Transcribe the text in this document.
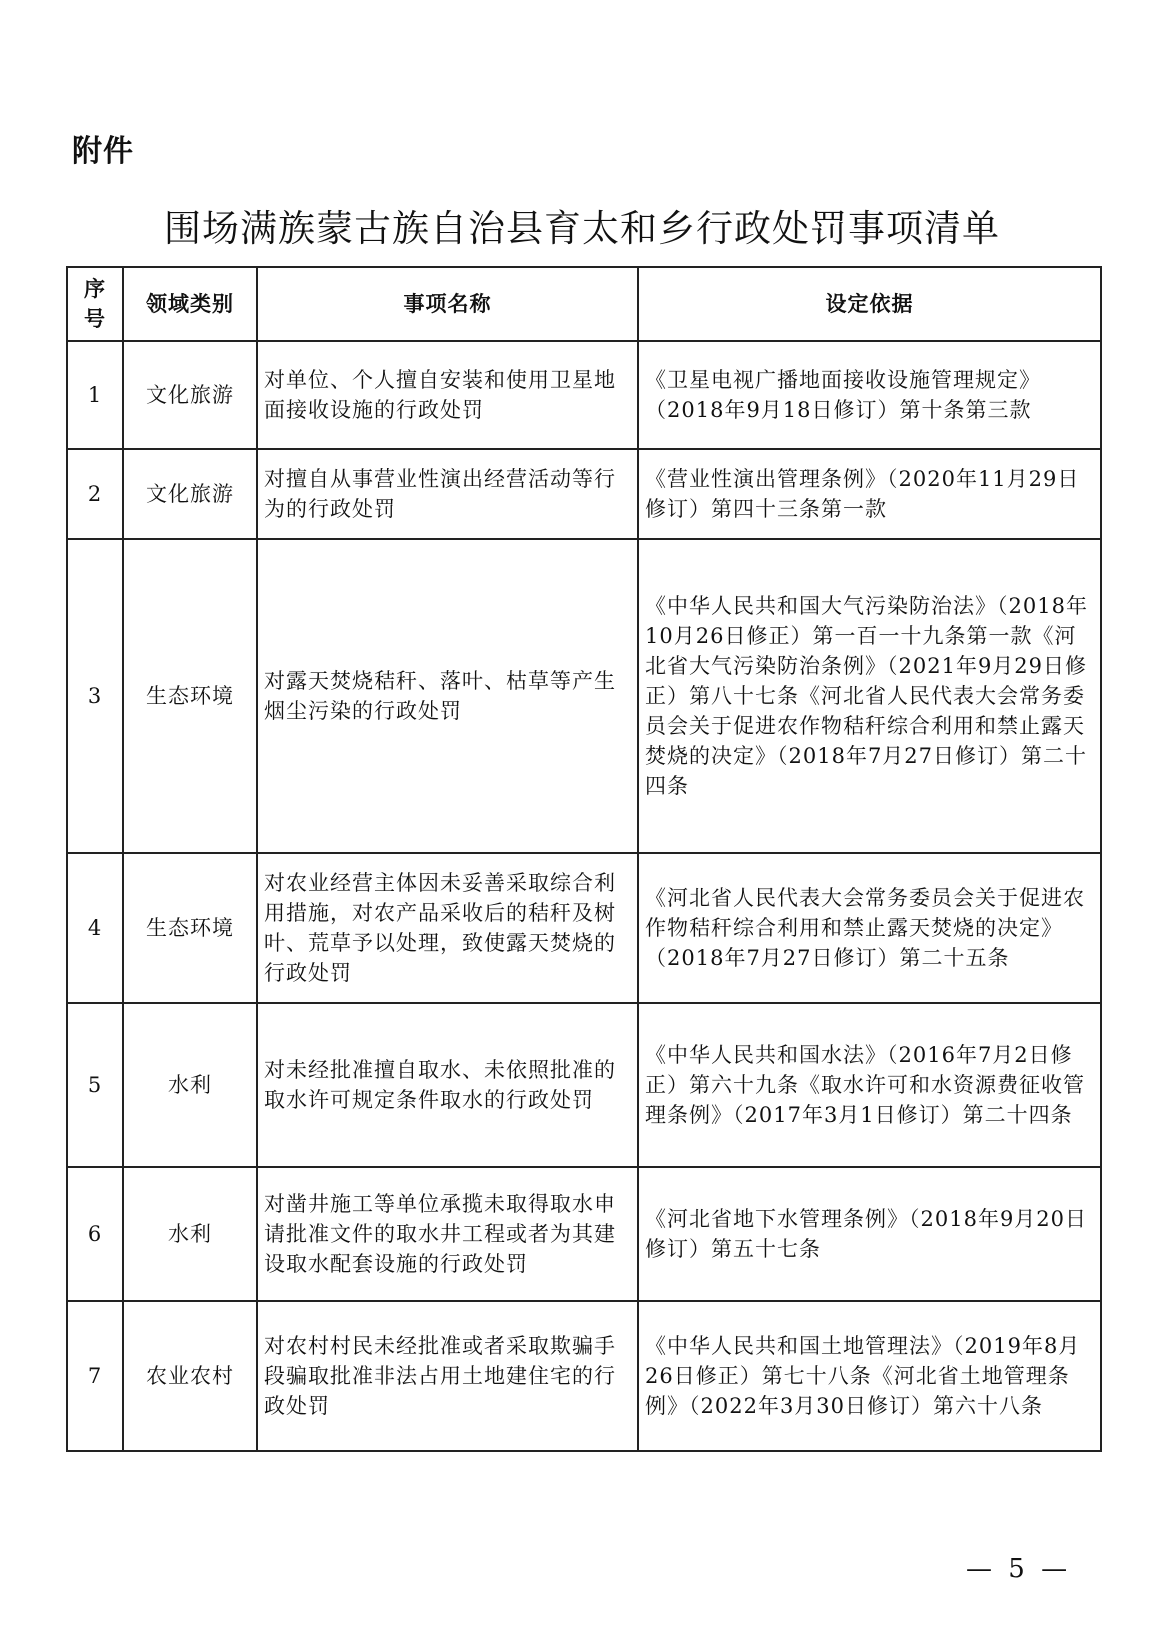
附件
围场满族蒙古族自治县育太和乡行政处罚事项清单
序号	领域类别	事项名称	设定依据
1	文化旅游	对单位、个人擅自安装和使用卫星地面接收设施的行政处罚	《卫星电视广播地面接收设施管理规定》（2018年9月18日修订）第十条第三款
2	文化旅游	对擅自从事营业性演出经营活动等行为的行政处罚	《营业性演出管理条例》（2020年11月29日修订）第四十三条第一款
3	生态环境	对露天焚烧秸秆、落叶、枯草等产生烟尘污染的行政处罚	《中华人民共和国大气污染防治法》（2018年10月26日修正）第一百一十九条第一款《河北省大气污染防治条例》（2021年9月29日修正）第八十七条《河北省人民代表大会常务委员会关于促进农作物秸秆综合利用和禁止露天焚烧的决定》（2018年7月27日修订）第二十四条
4	生态环境	对农业经营主体因未妥善采取综合利用措施，对农产品采收后的秸秆及树叶、荒草予以处理，致使露天焚烧的行政处罚	《河北省人民代表大会常务委员会关于促进农作物秸秆综合利用和禁止露天焚烧的决定》（2018年7月27日修订）第二十五条
5	水利	对未经批准擅自取水、未依照批准的取水许可规定条件取水的行政处罚	《中华人民共和国水法》（2016年7月2日修正）第六十九条《取水许可和水资源费征收管理条例》（2017年3月1日修订）第二十四条
6	水利	对凿井施工等单位承揽未取得取水申请批准文件的取水井工程或者为其建设取水配套设施的行政处罚	《河北省地下水管理条例》（2018年9月20日修订）第五十七条
7	农业农村	对农村村民未经批准或者采取欺骗手段骗取批准非法占用土地建住宅的行政处罚	《中华人民共和国土地管理法》（2019年8月26日修正）第七十八条《河北省土地管理条例》（2022年3月30日修订）第六十八条
— 5 —
